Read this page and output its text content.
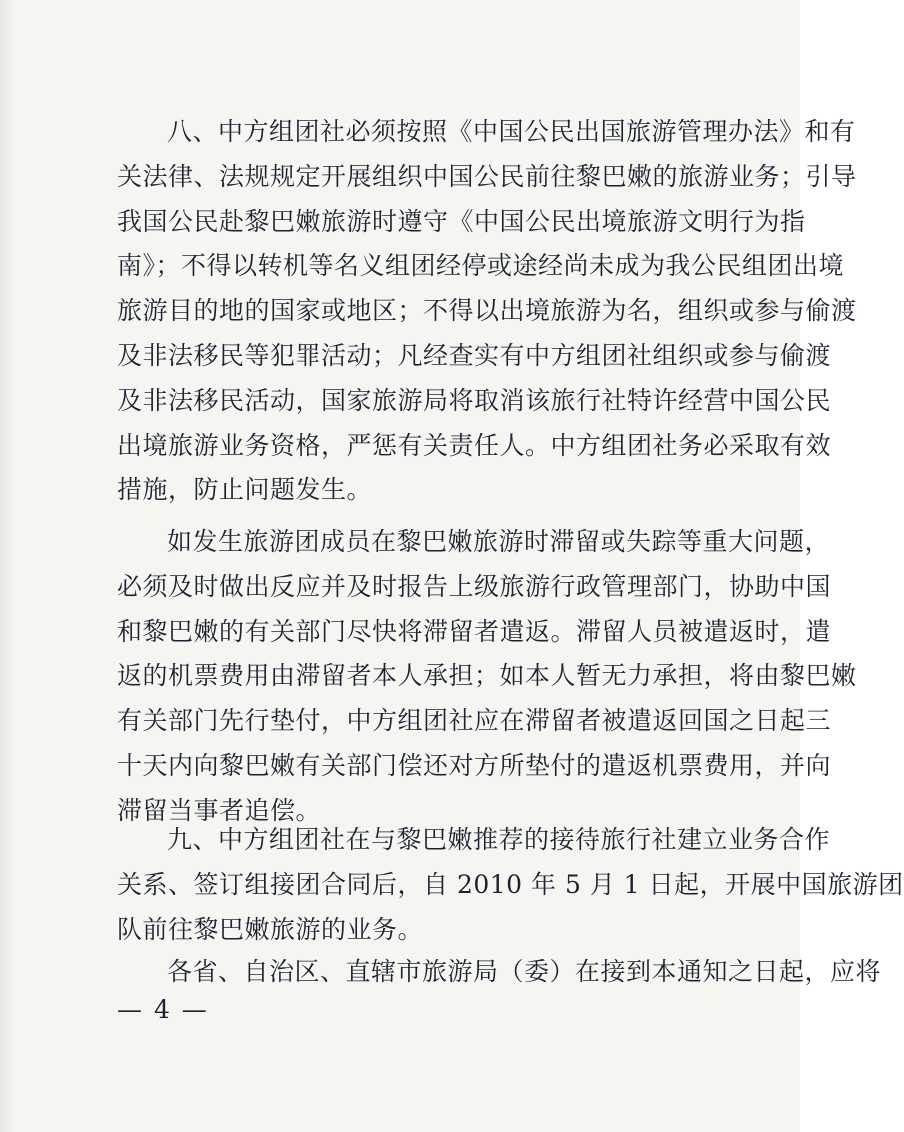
八、中方组团社必须按照《中国公民出国旅游管理办法》和有
关法律、法规规定开展组织中国公民前往黎巴嫩的旅游业务；引导
我国公民赴黎巴嫩旅游时遵守《中国公民出境旅游文明行为指
南》；不得以转机等名义组团经停或途经尚未成为我公民组团出境
旅游目的地的国家或地区；不得以出境旅游为名，组织或参与偷渡
及非法移民等犯罪活动；凡经查实有中方组团社组织或参与偷渡
及非法移民活动，国家旅游局将取消该旅行社特许经营中国公民
出境旅游业务资格，严惩有关责任人。中方组团社务必采取有效
措施，防止问题发生。
如发生旅游团成员在黎巴嫩旅游时滞留或失踪等重大问题，
必须及时做出反应并及时报告上级旅游行政管理部门，协助中国
和黎巴嫩的有关部门尽快将滞留者遣返。滞留人员被遣返时，遣
返的机票费用由滞留者本人承担；如本人暂无力承担，将由黎巴嫩
有关部门先行垫付，中方组团社应在滞留者被遣返回国之日起三
十天内向黎巴嫩有关部门偿还对方所垫付的遣返机票费用，并向
滞留当事者追偿。
九、中方组团社在与黎巴嫩推荐的接待旅行社建立业务合作
关系、签订组接团合同后，自 2010 年 5 月 1 日起，开展中国旅游团
队前往黎巴嫩旅游的业务。
各省、自治区、直辖市旅游局（委）在接到本通知之日起，应将
— 4 —
